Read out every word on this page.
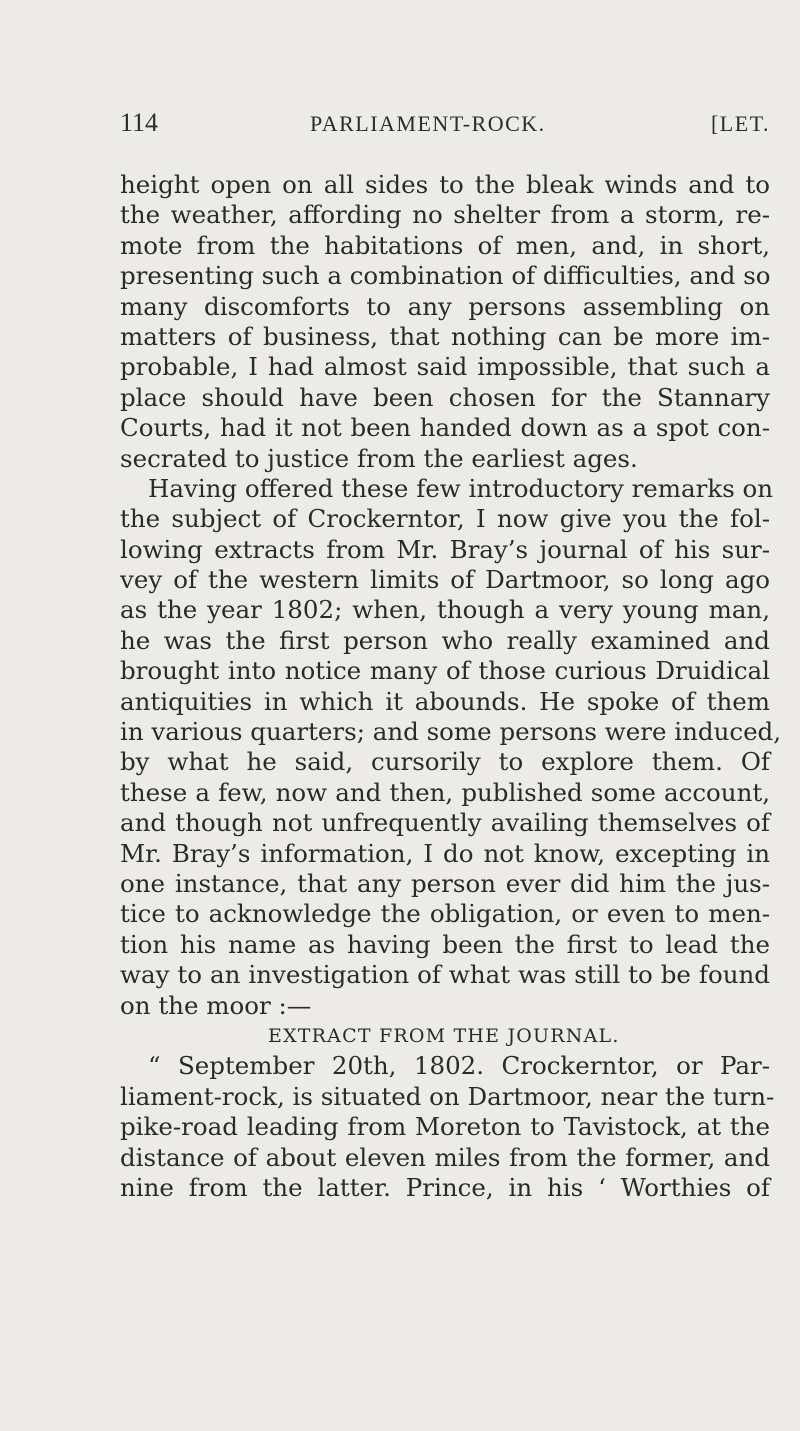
114	PARLIAMENT-ROCK.	[LET.
height open on all sides to the bleak winds and to
the weather, affording no shelter from a storm, re-
mote from the habitations of men, and, in short,
presenting such a combination of difficulties, and so
many discomforts to any persons assembling on
matters of business, that nothing can be more im-
probable, I had almost said impossible, that such a
place should have been chosen for the Stannary
Courts, had it not been handed down as a spot con-
secrated to justice from the earliest ages.
Having offered these few introductory remarks on
the subject of Crockerntor, I now give you the fol-
lowing extracts from Mr. Bray’s journal of his sur-
vey of the western limits of Dartmoor, so long ago
as the year 1802; when, though a very young man,
he was the first person who really examined and
brought into notice many of those curious Druidical
antiquities in which it abounds. He spoke of them
in various quarters; and some persons were induced,
by what he said, cursorily to explore them. Of
these a few, now and then, published some account,
and though not unfrequently availing themselves of
Mr. Bray’s information, I do not know, excepting in
one instance, that any person ever did him the jus-
tice to acknowledge the obligation, or even to men-
tion his name as having been the first to lead the
way to an investigation of what was still to be found
on the moor :—
EXTRACT FROM THE JOURNAL.
“ September 20th, 1802. Crockerntor, or Par-
liament-rock, is situated on Dartmoor, near the turn-
pike-road leading from Moreton to Tavistock, at the
distance of about eleven miles from the former, and
nine from the latter. Prince, in his ‘ Worthies of
